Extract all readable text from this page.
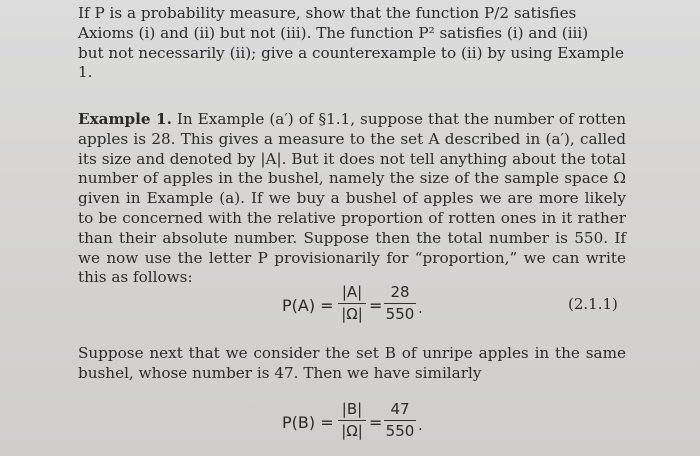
If P is a probability measure, show that the function P/2 satisfies

Axioms (i) and (ii) but not (iii). The function P² satisfies (i) and (iii)

but not necessarily (ii); give a counterexample to (ii) by using Example

1.

Example 1. In Example (a′) of §1.1, suppose that the number of rotten apples is 28. This gives a measure to the set A described in (a′), called its size and denoted by |A|. But it does not tell anything about the total number of apples in the bushel, namely the size of the sample space Ω given in Example (a). If we buy a bushel of apples we are more likely to be concerned with the relative proportion of rotten ones in it rather than their absolute number. Suppose then the total number is 550. If we now use the letter P provisionarily for “proportion,” we can write this as follows:

P(A) =
|A|
|Ω| =
28
550 .	(2.1.1)

Suppose next that we consider the set B of unripe apples in the same bushel, whose number is 47. Then we have similarly

P(B) =
|B|
|Ω| =
47
550 .
